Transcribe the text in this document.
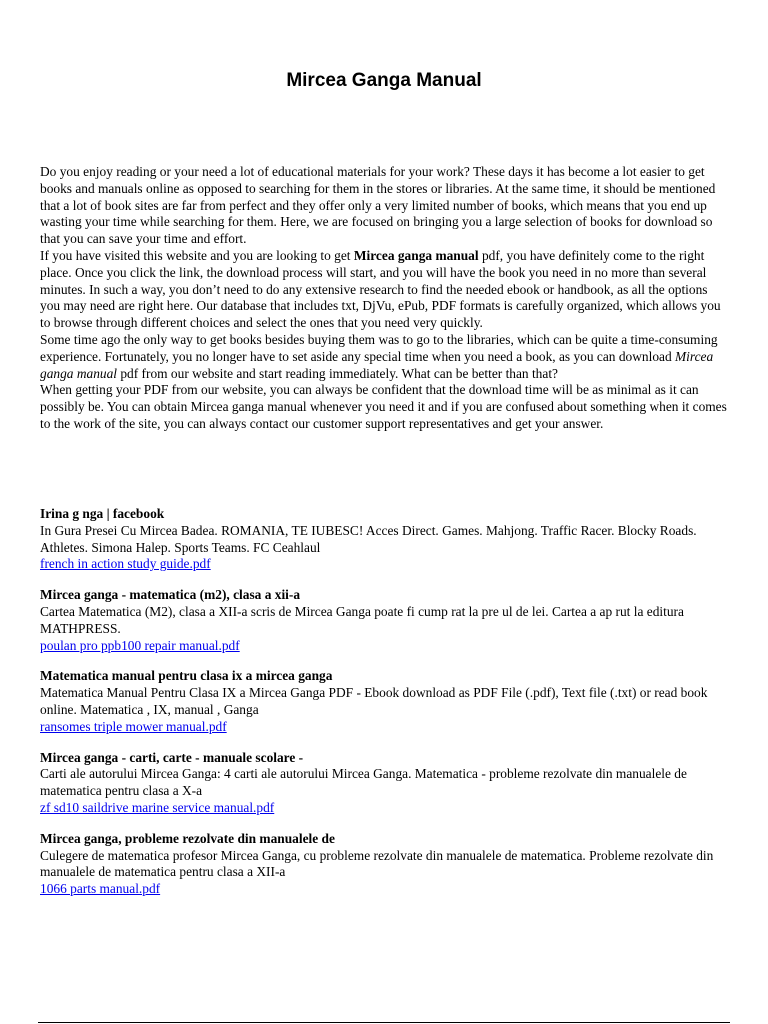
Mircea Ganga Manual

Do you enjoy reading or your need a lot of educational materials for your work? These days it has become a lot easier to get books and manuals online as opposed to searching for them in the stores or libraries. At the same time, it should be mentioned that a lot of book sites are far from perfect and they offer only a very limited number of books, which means that you end up wasting your time while searching for them. Here, we are focused on bringing you a large selection of books for download so that you can save your time and effort.

If you have visited this website and you are looking to get Mircea ganga manual pdf, you have definitely come to the right place. Once you click the link, the download process will start, and you will have the book you need in no more than several minutes. In such a way, you don’t need to do any extensive research to find the needed ebook or handbook, as all the options you may need are right here. Our database that includes txt, DjVu, ePub, PDF formats is carefully organized, which allows you to browse through different choices and select the ones that you need very quickly.

Some time ago the only way to get books besides buying them was to go to the libraries, which can be quite a time-consuming experience. Fortunately, you no longer have to set aside any special time when you need a book, as you can download Mircea ganga manual pdf from our website and start reading immediately. What can be better than that?

When getting your PDF from our website, you can always be confident that the download time will be as minimal as it can possibly be. You can obtain Mircea ganga manual whenever you need it and if you are confused about something when it comes to the work of the site, you can always contact our customer support representatives and get your answer.

Irina g nga | facebook
In Gura Presei Cu Mircea Badea. ROMANIA, TE IUBESC! Acces Direct. Games. Mahjong. Traffic Racer. Blocky Roads. Athletes. Simona Halep. Sports Teams. FC Ceahlaul
french in action study guide.pdf
Mircea ganga - matematica (m2), clasa a xii-a
Cartea Matematica (M2), clasa a XII-a scris de Mircea Ganga poate fi cump rat la pre ul de lei. Cartea a ap rut la editura MATHPRESS.
poulan pro ppb100 repair manual.pdf
Matematica manual pentru clasa ix a mircea ganga
Matematica Manual Pentru Clasa IX a Mircea Ganga PDF - Ebook download as PDF File (.pdf), Text file (.txt) or read book online. Matematica , IX, manual , Ganga
ransomes triple mower manual.pdf
Mircea ganga - carti, carte - manuale scolare -
Carti ale autorului Mircea Ganga: 4 carti ale autorului Mircea Ganga. Matematica - probleme rezolvate din manualele de matematica pentru clasa a X-a
zf sd10 saildrive marine service manual.pdf
Mircea ganga, probleme rezolvate din manualele de
Culegere de matematica profesor Mircea Ganga, cu probleme rezolvate din manualele de matematica. Probleme rezolvate din manualele de matematica pentru clasa a XII-a
1066 parts manual.pdf
